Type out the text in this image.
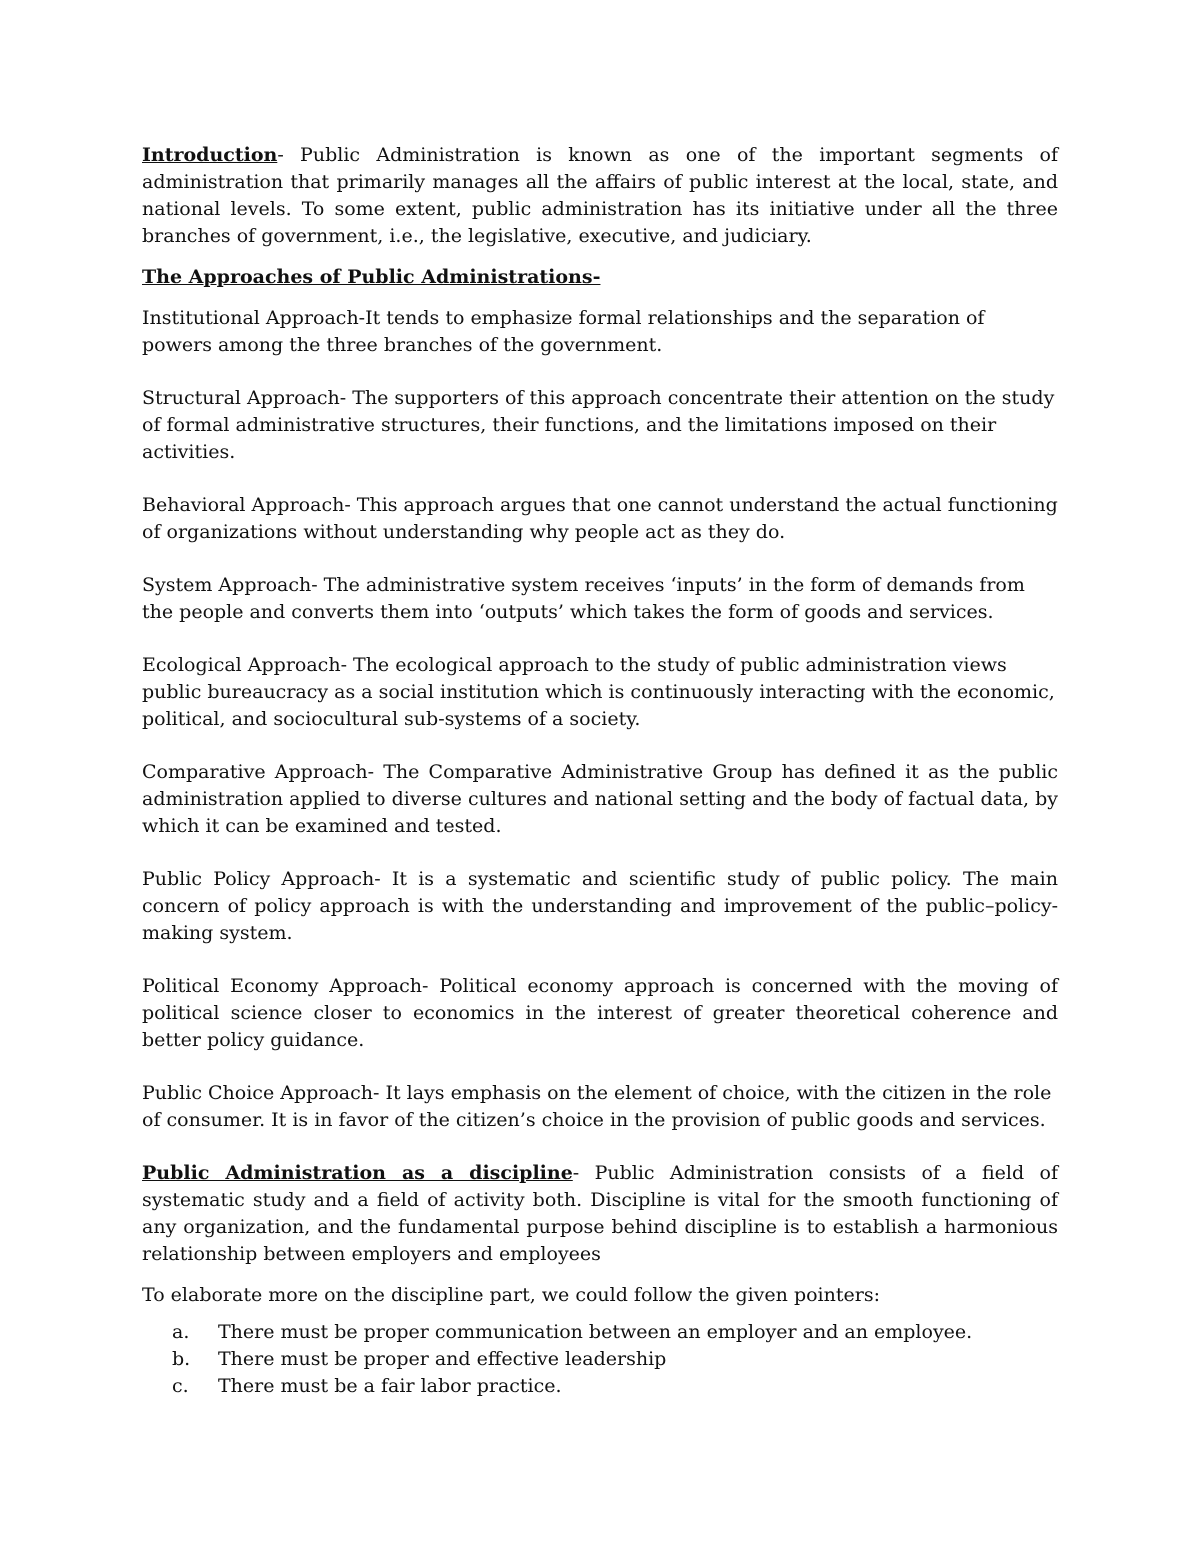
Introduction- Public Administration is known as one of the important segments of administration that primarily manages all the affairs of public interest at the local, state, and national levels. To some extent, public administration has its initiative under all the three branches of government, i.e., the legislative, executive, and judiciary.

The Approaches of Public Administrations-

Institutional Approach-It tends to emphasize formal relationships and the separation of powers among the three branches of the government.

Structural Approach- The supporters of this approach concentrate their attention on the study of formal administrative structures, their functions, and the limitations imposed on their activities.

Behavioral Approach- This approach argues that one cannot understand the actual functioning of organizations without understanding why people act as they do.

System Approach- The administrative system receives ‘inputs’ in the form of demands from the people and converts them into ‘outputs’ which takes the form of goods and services.

Ecological Approach- The ecological approach to the study of public administration views public bureaucracy as a social institution which is continuously interacting with the economic, political, and sociocultural sub-systems of a society.

Comparative Approach- The Comparative Administrative Group has defined it as the public administration applied to diverse cultures and national setting and the body of factual data, by which it can be examined and tested.

Public Policy Approach- It is a systematic and scientific study of public policy. The main concern of policy approach is with the understanding and improvement of the public–policy-making system.

Political Economy Approach- Political economy approach is concerned with the moving of political science closer to economics in the interest of greater theoretical coherence and better policy guidance.

Public Choice Approach- It lays emphasis on the element of choice, with the citizen in the role of consumer. It is in favor of the citizen’s choice in the provision of public goods and services.

Public Administration as a discipline- Public Administration consists of a field of systematic study and a field of activity both. Discipline is vital for the smooth functioning of any organization, and the fundamental purpose behind discipline is to establish a harmonious relationship between employers and employees

To elaborate more on the discipline part, we could follow the given pointers:

a.	There must be proper communication between an employer and an employee.
b.	There must be proper and effective leadership
c.	There must be a fair labor practice.
